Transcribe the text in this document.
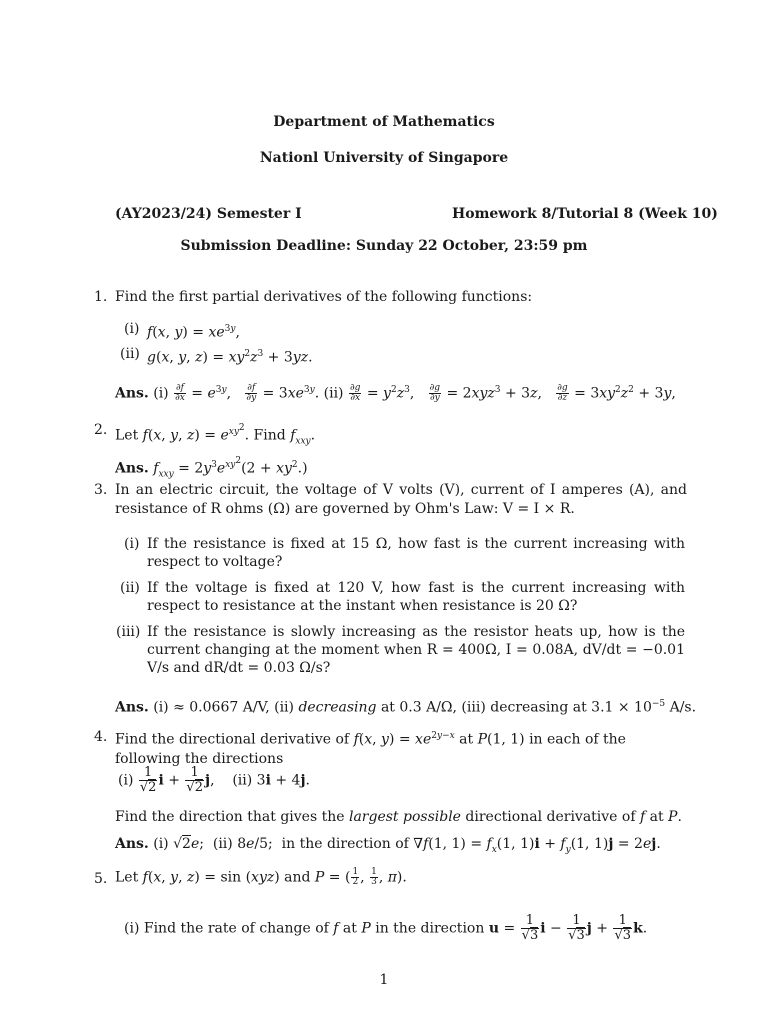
Department of Mathematics
Nationl University of Singapore
(AY2023/24) Semester I	Homework 8/Tutorial 8 (Week 10)
Submission Deadline: Sunday 22 October, 23:59 pm
1. Find the first partial derivatives of the following functions:
(i) f(x, $y) = xe^{3y}$,
(ii) g(x, y, $z) = xy^2z^3 + 3yz$.
Ans. $(i) \frac{\partial f}{\partial x} = e^{3y}$, $\frac{\partial f}{\partial y} = 3xe^{3y}$. $(ii) \frac{\partial g}{\partial x} = y^2z^3$, $\frac{\partial g}{\partial y} = 2xyz^3 + 3z$, $\frac{\partial g}{\partial z} = 3xy^2z^2 + 3y$,
2. Let f(x, y, $z) = e^{xy^2}$. Find $f_{xxy}$.
Ans. $f_{xxy} = 2y^3e^{xy^2}(2 + xy^2.)$
3. In an electric circuit, the voltage of V volts (V), current of I amperes (A), and resistance of R ohms (Ω) are governed by Ohm's Law: V = I × R.
(i) If the resistance is fixed at 15 Ω, how fast is the current increasing with respect to voltage?
(ii) If the voltage is fixed at 120 V, how fast is the current increasing with respect to resistance at the instant when resistance is 20 Ω?
(iii) If the resistance is slowly increasing as the resistor heats up, how is the current changing at the moment when R = 400Ω, I = 0.08A, dV/dt = −0.01 V/s and dR/dt = 0.03 Ω/s?
Ans. (i) ≈ 0.0667 A/V, (ii) decreasing at 0.3 A/Ω, (iii) decreasing at $3.1 \times 10^{-5}$ A/s.
4. Find the directional derivative of f(x, $y) = xe^{2y-x}$ at P(1, 1) in each of the following the directions
$(i) \frac{1}{√2}$ $i + \frac{1}{√2} j$,    (ii) 3i + 4j.
Find the direction that gives the largest possible directional derivative of f at P.
Ans. (i) √2e;  (ii) 8e/5;  in the direction of ∇f(1, $1) = f_x(1$, $1)i + f_y(1$, 1)j = 2ej.
5. Let f(x, y, z) = sin (xyz) and P = ( $\frac{1}{2}$ , $\frac{1}{3}$ , π).
(i) Find the rate of change of f at P in the direction $u = \frac{1}{√3}$ $i - \frac{1}{√3}$ $j + \frac{1}{√3} k$.
1
